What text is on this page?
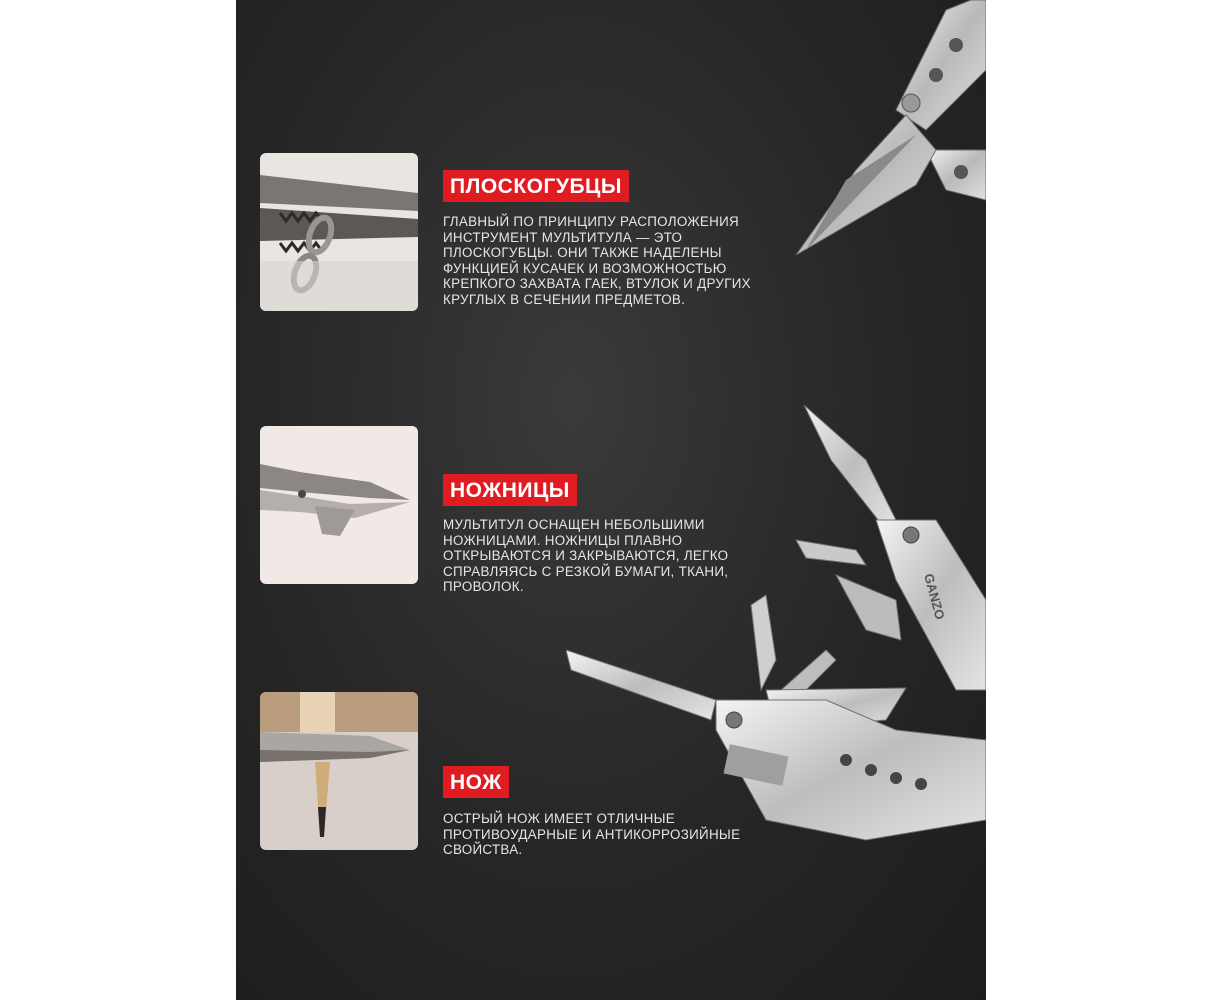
ПЛОСКОГУБЦЫ
ГЛАВНЫЙ ПО ПРИНЦИПУ РАСПОЛОЖЕНИЯ ИНСТРУМЕНТ МУЛЬТИТУЛА — ЭТО ПЛОСКОГУБЦЫ. ОНИ ТАКЖЕ НАДЕЛЕНЫ ФУНКЦИЕЙ КУСАЧЕК И ВОЗМОЖНОСТЬЮ КРЕПКОГО ЗАХВАТА ГАЕК, ВТУЛОК И ДРУГИХ КРУГЛЫХ В СЕЧЕНИИ ПРЕДМЕТОВ.
НОЖНИЦЫ
МУЛЬТИТУЛ ОСНАЩЕН НЕБОЛЬШИМИ НОЖНИЦАМИ. НОЖНИЦЫ ПЛАВНО ОТКРЫВАЮТСЯ И ЗАКРЫВАЮТСЯ, ЛЕГКО СПРАВЛЯЯСЬ С РЕЗКОЙ БУМАГИ, ТКАНИ, ПРОВОЛОК.
НОЖ
ОСТРЫЙ НОЖ ИМЕЕТ ОТЛИЧНЫЕ ПРОТИВОУДАРНЫЕ И АНТИКОРРОЗИЙНЫЕ СВОЙСТВА.
GANZO
